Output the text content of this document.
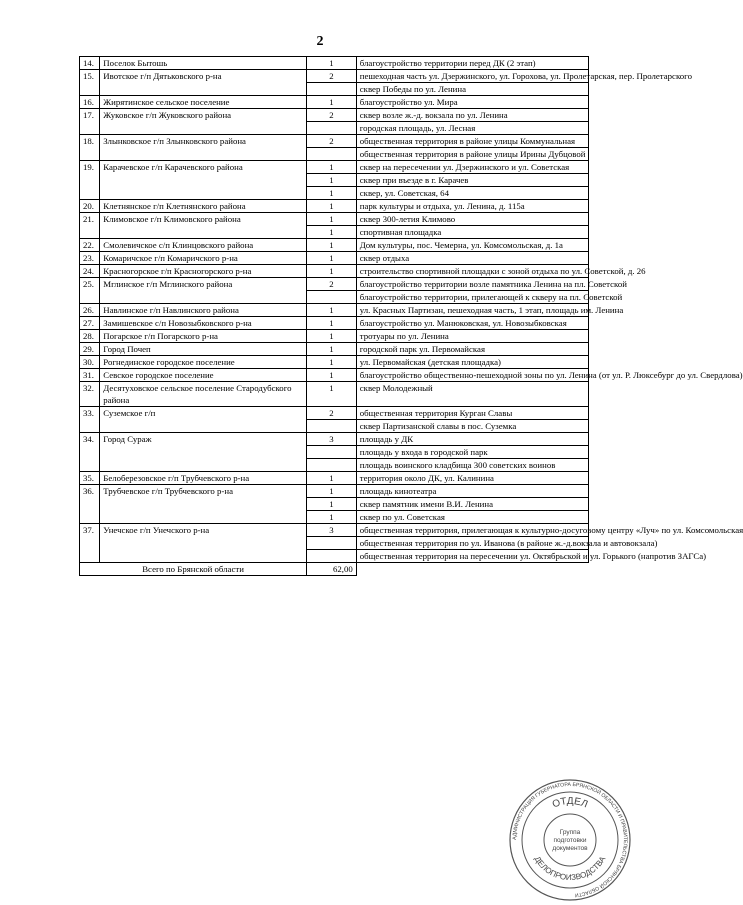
2
14.	Поселок Бытошь	1	благоустройство территории перед ДК (2 этап)
15.	Ивотское г/п Дятьковского р-на	2	пешеходная часть ул. Дзержинского, ул. Горохова, ул. Пролетарская, пер. Пролетарского
			сквер Победы по ул. Ленина
16.	Жирятинское сельское поселение	1	благоустройство ул. Мира
17.	Жуковское г/п Жуковского района	2	сквер возле ж.-д. вокзала по ул. Ленина
			городская площадь, ул. Лесная
18.	Злынковское г/п Злынковского района	2	общественная территория в районе улицы Коммунальная
			общественная территория в районе улицы Ирины Дубцовой
19.	Карачевское г/п Карачевского района	1	сквер на пересечении ул. Дзержинского и ул. Советская
		1	сквер при въезде в г. Карачев
		1	сквер, ул. Советская, 64
20.	Клетнянское г/п Клетнянского района	1	парк культуры и отдыха, ул. Ленина, д. 115а
21.	Климовское г/п Климовского района	1	сквер 300-летия Климово
		1	спортивная площадка
22.	Смолевичское с/п Клинцовского района	1	Дом культуры, пос. Чемерна, ул. Комсомольская, д. 1а
23.	Комаричское г/п Комаричского р-на	1	сквер отдыха
24.	Красногорское г/п Красногорского р-на	1	строительство спортивной площадки с зоной отдыха по ул. Советской, д. 26
25.	Мглинское г/п Мглинского района	2	благоустройство территории возле памятника Ленина на пл. Советской
			благоустройство территории, прилегающей к скверу на пл. Советской
26.	Навлинское г/п Навлинского района	1	ул. Красных Партизан, пешеходная часть, 1 этап, площадь им. Ленина
27.	Замишевское с/п Новозыбковского р-на	1	благоустройство ул. Манюковская, ул. Новозыбковская
28.	Погарское г/п Погарского р-на	1	тротуары по ул. Ленина
29.	Город Почеп	1	городской парк ул. Первомайская
30.	Рогнединское городское поселение	1	ул. Первомайская (детская площадка)
31.	Севское городское поселение	1	благоустройство общественно-пешеходной зоны по ул. Ленина (от ул. Р. Люксебург до ул. Свердлова)
32.	Десятуховское сельское поселение Стародубского района	1	сквер Молодежный
33.	Суземское г/п	2	общественная территория Курган Славы
			сквер Партизанской славы в пос. Суземка
34.	Город Сураж	3	площадь у ДК
			площадь у входа в городской парк
			площадь воинского кладбища 300 советских воинов
35.	Белоберезовское г/п Трубчевского р-на	1	территория около ДК, ул. Калинина
36.	Трубчевское г/п Трубчевского р-на	1	площадь кинотеатра
		1	сквер памятник имени В.И. Ленина
		1	сквер по ул. Советская
37.	Унечское г/п Унечского р-на	3	общественная территория, прилегающая к культурно-досуговому центру «Луч» по ул. Комсомольская
			общественная территория по ул. Иванова (в районе ж.-д.вокзала и автовокзала)
			общественная территория на пересечении ул. Октябрьской и ул. Горького (напротив ЗАГСа)
Всего по Брянской области		62,00	
АДМИНИСТРАЦИЯ ГУБЕРНАТОРА БРЯНСКОЙ ОБЛАСТИ И ПРАВИТЕЛЬСТВА БРЯНСКОЙ ОБЛАСТИ
ОТДЕЛ
ДЕЛОПРОИЗВОДСТВА
Группа подготовки документов
